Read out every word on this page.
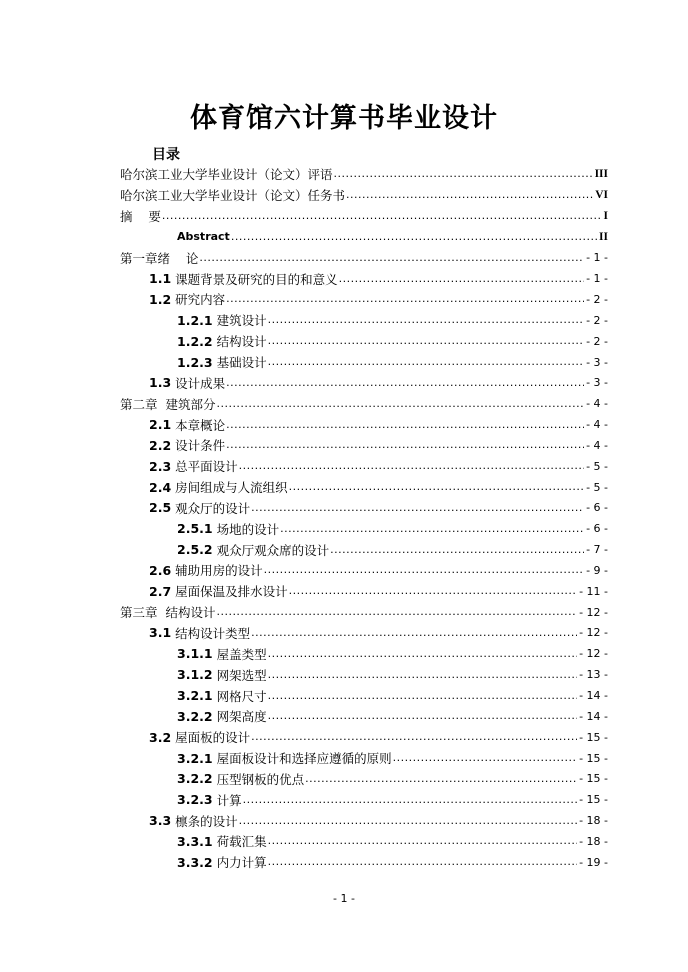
体育馆六计算书毕业设计
目录
哈尔滨工业大学毕业设计（论文）评语 .....	III
哈尔滨工业大学毕业设计（论文）任务书 .....	VI
摘    要 .....	I
Abstract .....	II
第一章绪    论 .....	- 1 -
1.1 课题背景及研究的目的和意义 .....	- 1 -
1.2 研究内容 .....	- 2 -
1.2.1 建筑设计 .....	- 2 -
1.2.2 结构设计 .....	- 2 -
1.2.3 基础设计 .....	- 3 -
1.3 设计成果 .....	- 3 -
第二章  建筑部分 .....	- 4 -
2.1 本章概论 .....	- 4 -
2.2 设计条件 .....	- 4 -
2.3 总平面设计 .....	- 5 -
2.4 房间组成与人流组织 .....	- 5 -
2.5 观众厅的设计 .....	- 6 -
2.5.1 场地的设计 .....	- 6 -
2.5.2 观众厅观众席的设计 .....	- 7 -
2.6 辅助用房的设计 .....	- 9 -
2.7 屋面保温及排水设计 .....	- 11 -
第三章  结构设计 .....	- 12 -
3.1 结构设计类型 .....	- 12 -
3.1.1 屋盖类型 .....	- 12 -
3.1.2 网架选型 .....	- 13 -
3.2.1 网格尺寸 .....	- 14 -
3.2.2 网架高度 .....	- 14 -
3.2 屋面板的设计 .....	- 15 -
3.2.1 屋面板设计和选择应遵循的原则 .....	- 15 -
3.2.2 压型钢板的优点 .....	- 15 -
3.2.3 计算 .....	- 15 -
3.3 檩条的设计 .....	- 18 -
3.3.1 荷载汇集 .....	- 18 -
3.3.2 内力计算 .....	- 19 -
- 1 -
